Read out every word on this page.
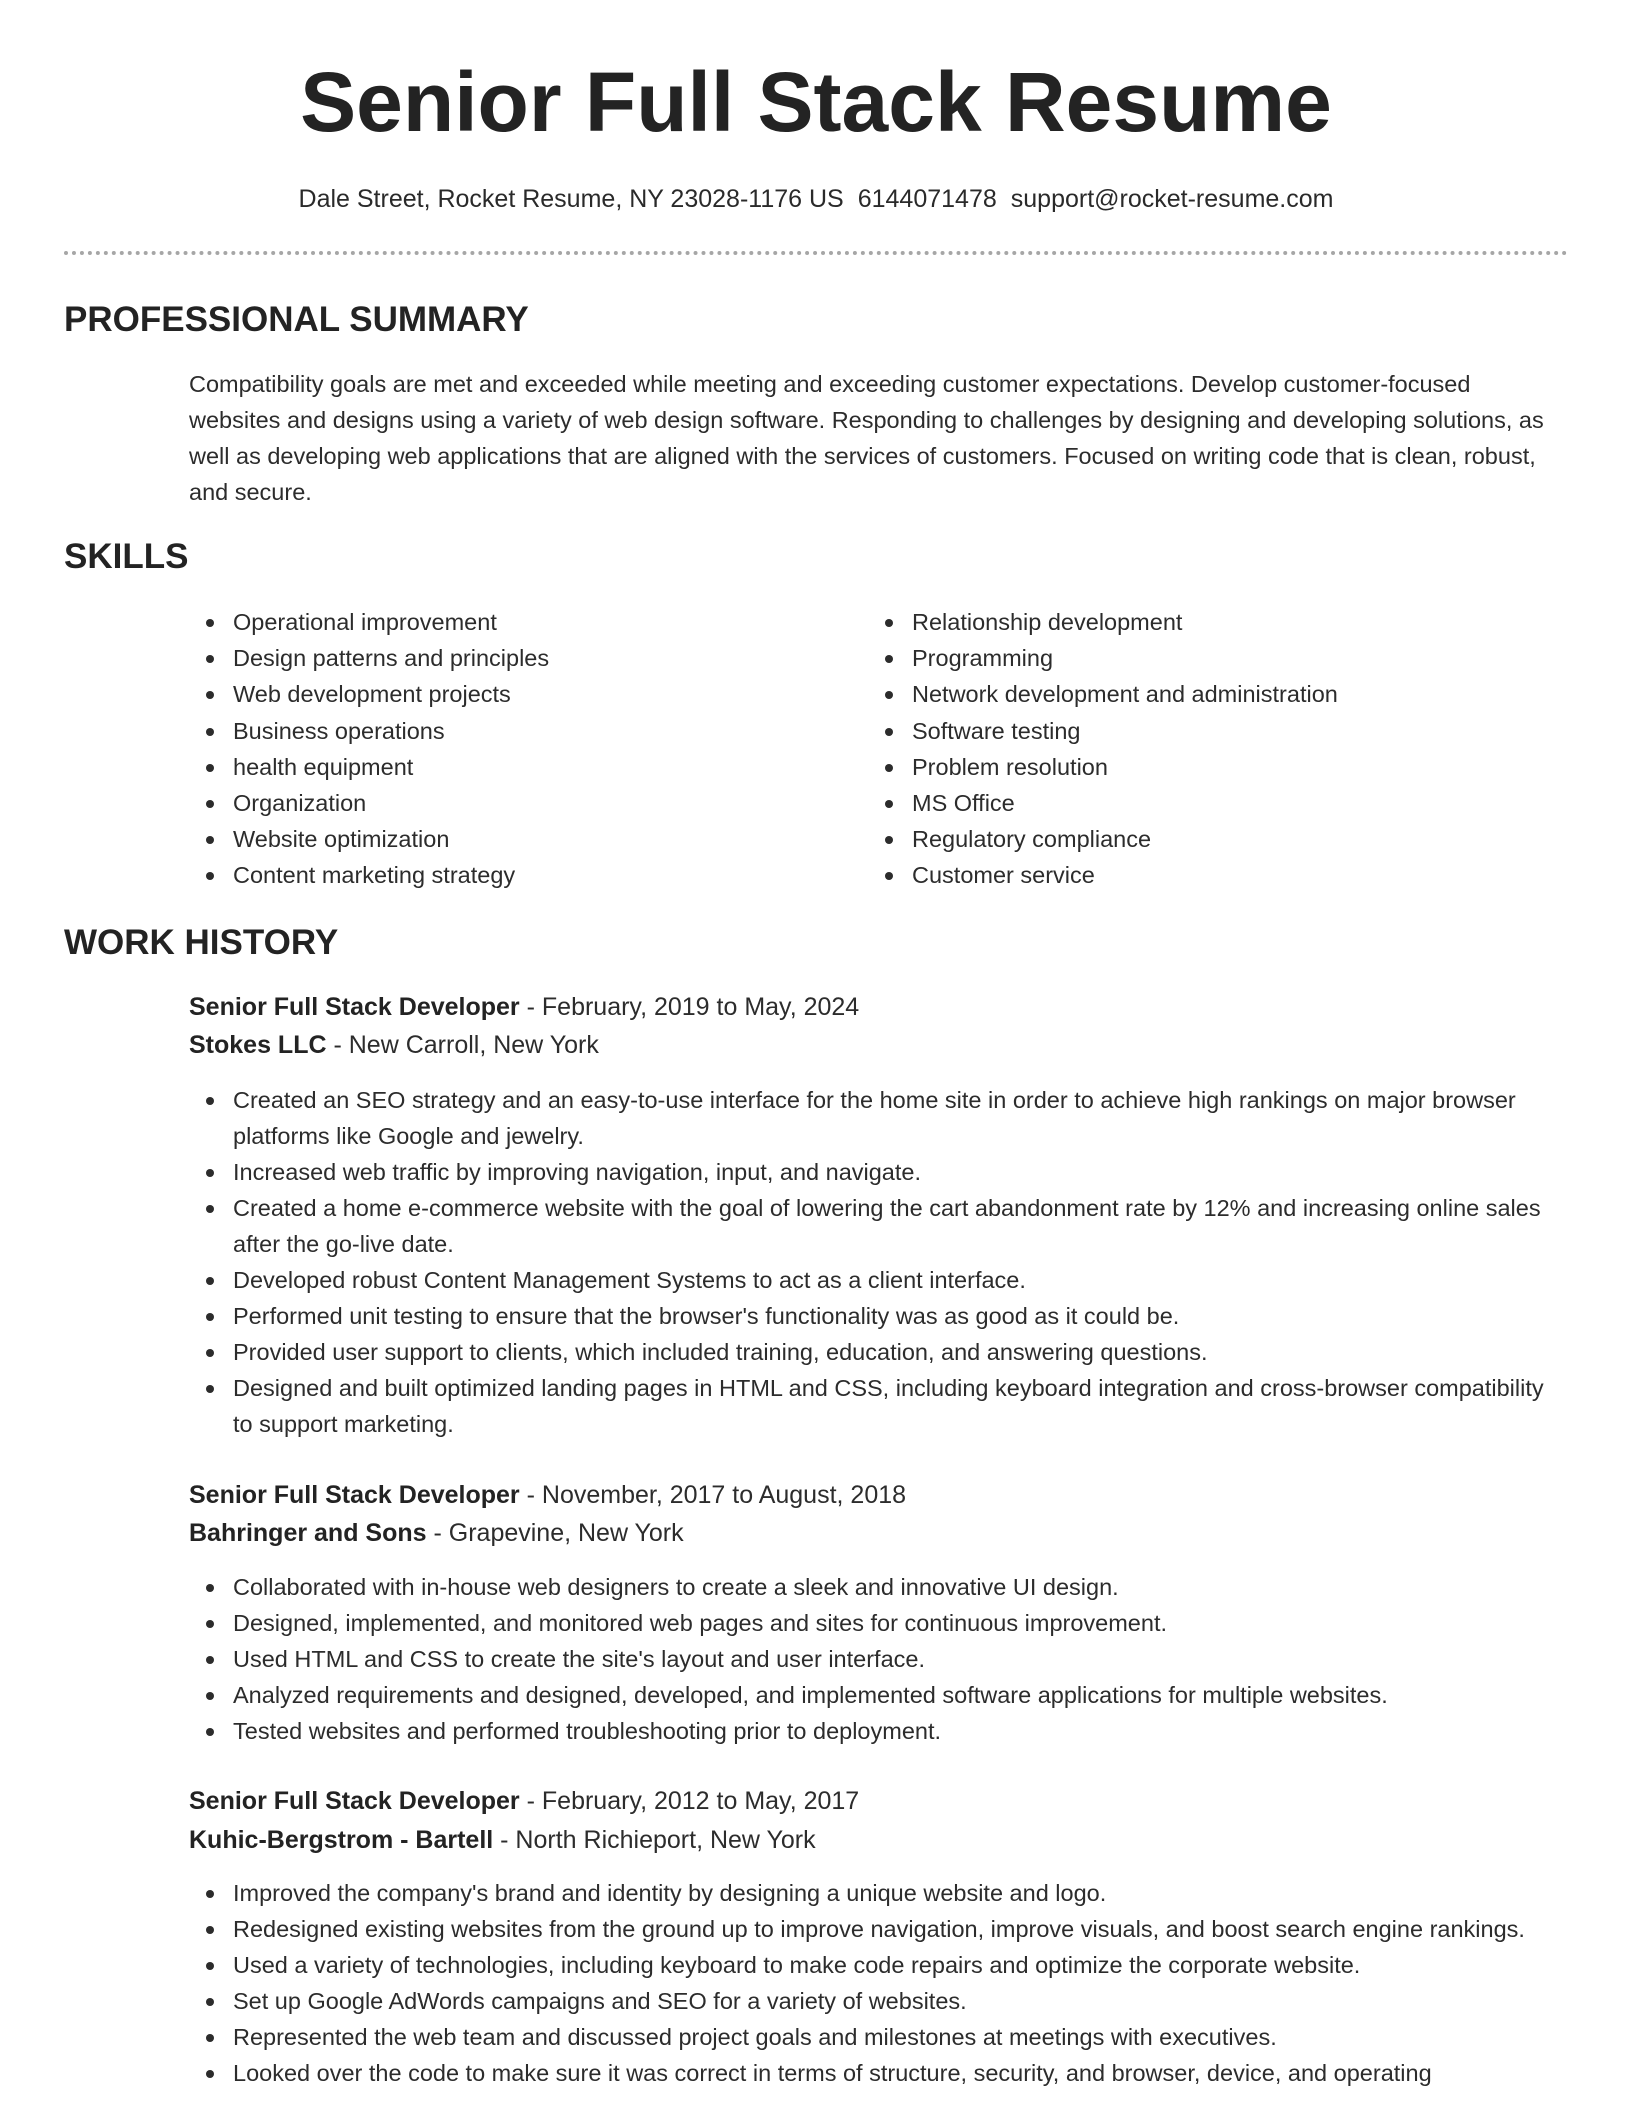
Senior Full Stack Resume
Dale Street, Rocket Resume, NY 23028-1176 US 6144071478 support@rocket-resume.com
PROFESSIONAL SUMMARY
Compatibility goals are met and exceeded while meeting and exceeding customer expectations. Develop customer-focused websites and designs using a variety of web design software. Responding to challenges by designing and developing solutions, as well as developing web applications that are aligned with the services of customers. Focused on writing code that is clean, robust, and secure.
SKILLS
Operational improvement
Design patterns and principles
Web development projects
Business operations
health equipment
Organization
Website optimization
Content marketing strategy
Relationship development
Programming
Network development and administration
Software testing
Problem resolution
MS Office
Regulatory compliance
Customer service
WORK HISTORY
Senior Full Stack Developer - February, 2019 to May, 2024
Stokes LLC - New Carroll, New York
Created an SEO strategy and an easy-to-use interface for the home site in order to achieve high rankings on major browser platforms like Google and jewelry.
Increased web traffic by improving navigation, input, and navigate.
Created a home e-commerce website with the goal of lowering the cart abandonment rate by 12% and increasing online sales after the go-live date.
Developed robust Content Management Systems to act as a client interface.
Performed unit testing to ensure that the browser's functionality was as good as it could be.
Provided user support to clients, which included training, education, and answering questions.
Designed and built optimized landing pages in HTML and CSS, including keyboard integration and cross-browser compatibility to support marketing.
Senior Full Stack Developer - November, 2017 to August, 2018
Bahringer and Sons - Grapevine, New York
Collaborated with in-house web designers to create a sleek and innovative UI design.
Designed, implemented, and monitored web pages and sites for continuous improvement.
Used HTML and CSS to create the site's layout and user interface.
Analyzed requirements and designed, developed, and implemented software applications for multiple websites.
Tested websites and performed troubleshooting prior to deployment.
Senior Full Stack Developer - February, 2012 to May, 2017
Kuhic-Bergstrom - Bartell - North Richieport, New York
Improved the company's brand and identity by designing a unique website and logo.
Redesigned existing websites from the ground up to improve navigation, improve visuals, and boost search engine rankings.
Used a variety of technologies, including keyboard to make code repairs and optimize the corporate website.
Set up Google AdWords campaigns and SEO for a variety of websites.
Represented the web team and discussed project goals and milestones at meetings with executives.
Looked over the code to make sure it was correct in terms of structure, security, and browser, device, and operating
